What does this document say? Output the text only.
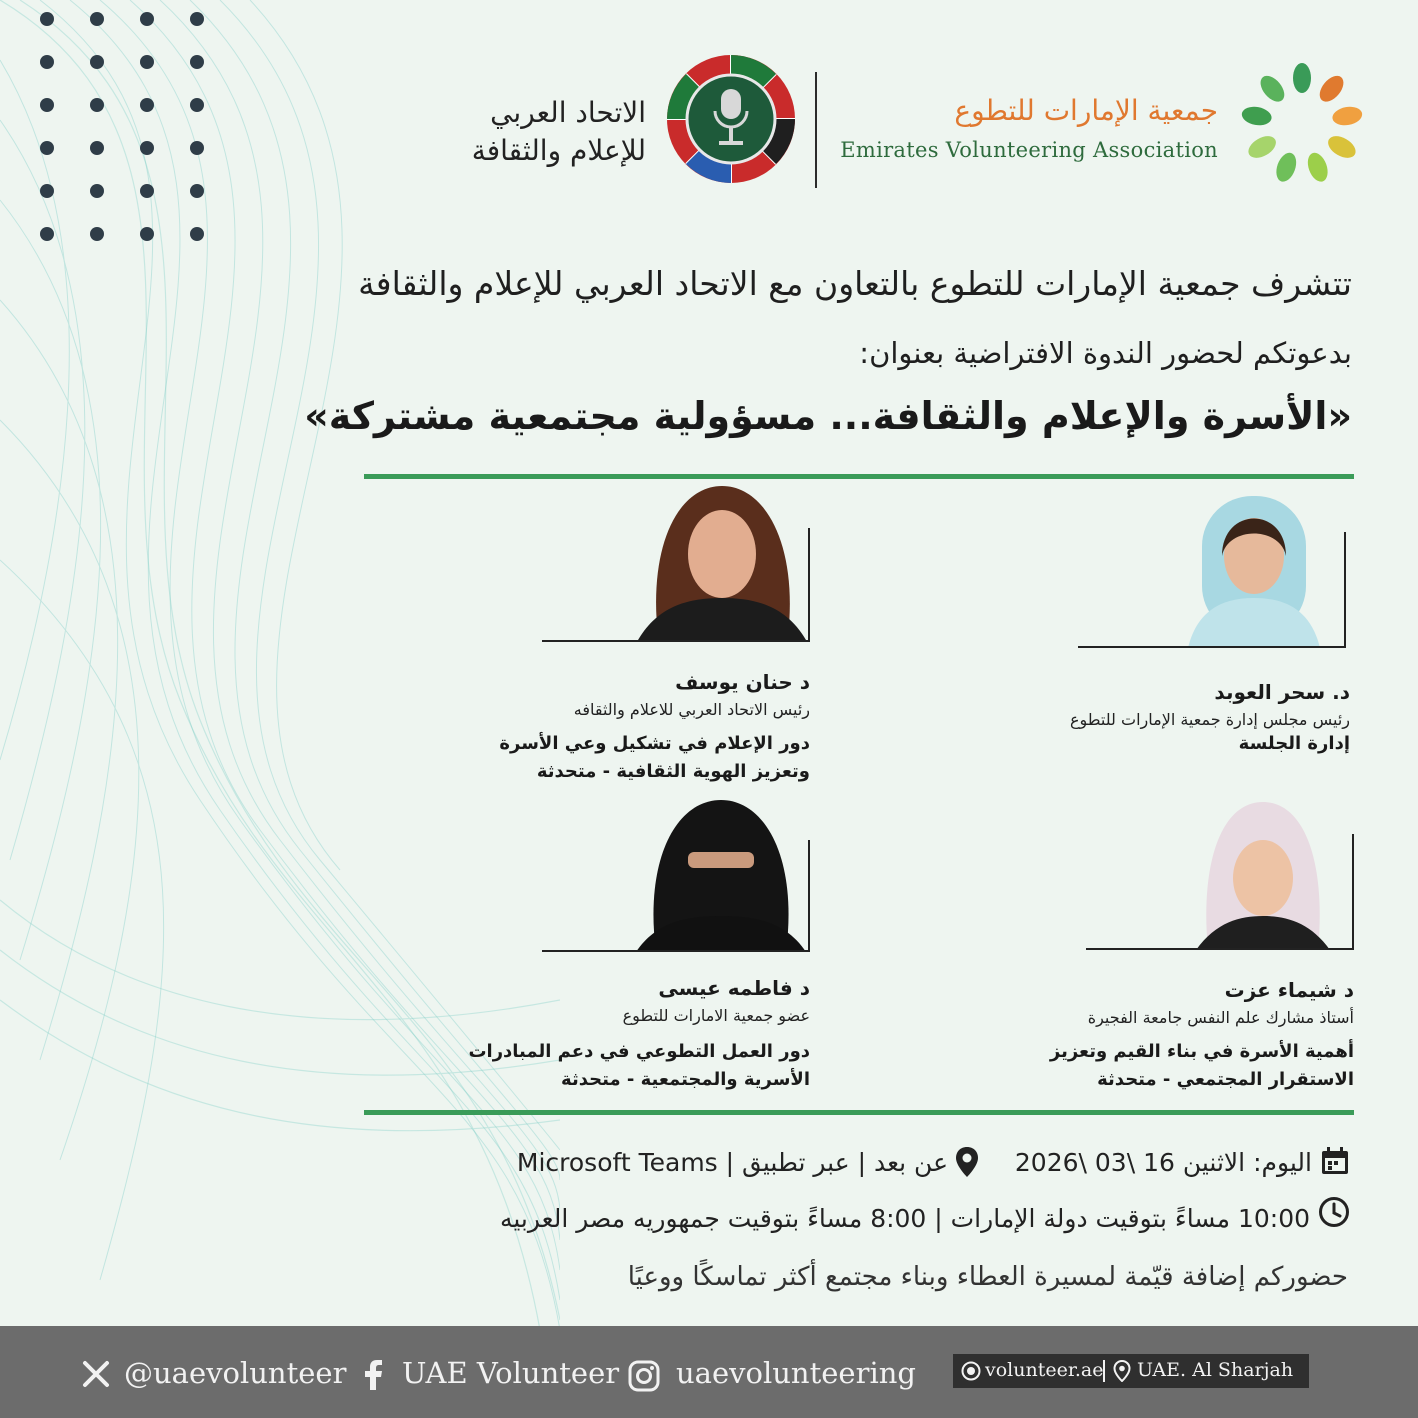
جمعية الإمارات للتطوع
Emirates Volunteering Association
الاتحاد العربي
للإعلام والثقافة
تتشرف جمعية الإمارات للتطوع بالتعاون مع الاتحاد العربي للإعلام والثقافة
بدعوتكم لحضور الندوة الافتراضية بعنوان:
«الأسرة والإعلام والثقافة... مسؤولية مجتمعية مشتركة»
د. سحر العوبد
رئيس مجلس إدارة جمعية الإمارات للتطوع
إدارة الجلسة
د حنان يوسف
رئيس الاتحاد العربي للاعلام والثقافه
دور الإعلام في تشكيل وعي الأسرة
وتعزيز الهوية الثقافية - متحدثة
د شيماء عزت
أستاذ مشارك علم النفس جامعة الفجيرة
أهمية الأسرة في بناء القيم وتعزيز
الاستقرار المجتمعي - متحدثة
د فاطمه عيسى
عضو جمعية الامارات للتطوع
دور العمل التطوعي في دعم المبادرات
الأسرية والمجتمعية - متحدثة
اليوم: الاثنين 16 \03 \2026
عن بعد | عبر تطبيق | Microsoft Teams
10:00 مساءً بتوقيت دولة الإمارات | 8:00 مساءً بتوقيت جمهوريه مصر العربيه
حضوركم إضافة قيّمة لمسيرة العطاء وبناء مجتمع أكثر تماسكًا ووعيًا
@uaevolunteer UAE Volunteer uaevolunteering	volunteer.ae UAE. Al Sharjah
